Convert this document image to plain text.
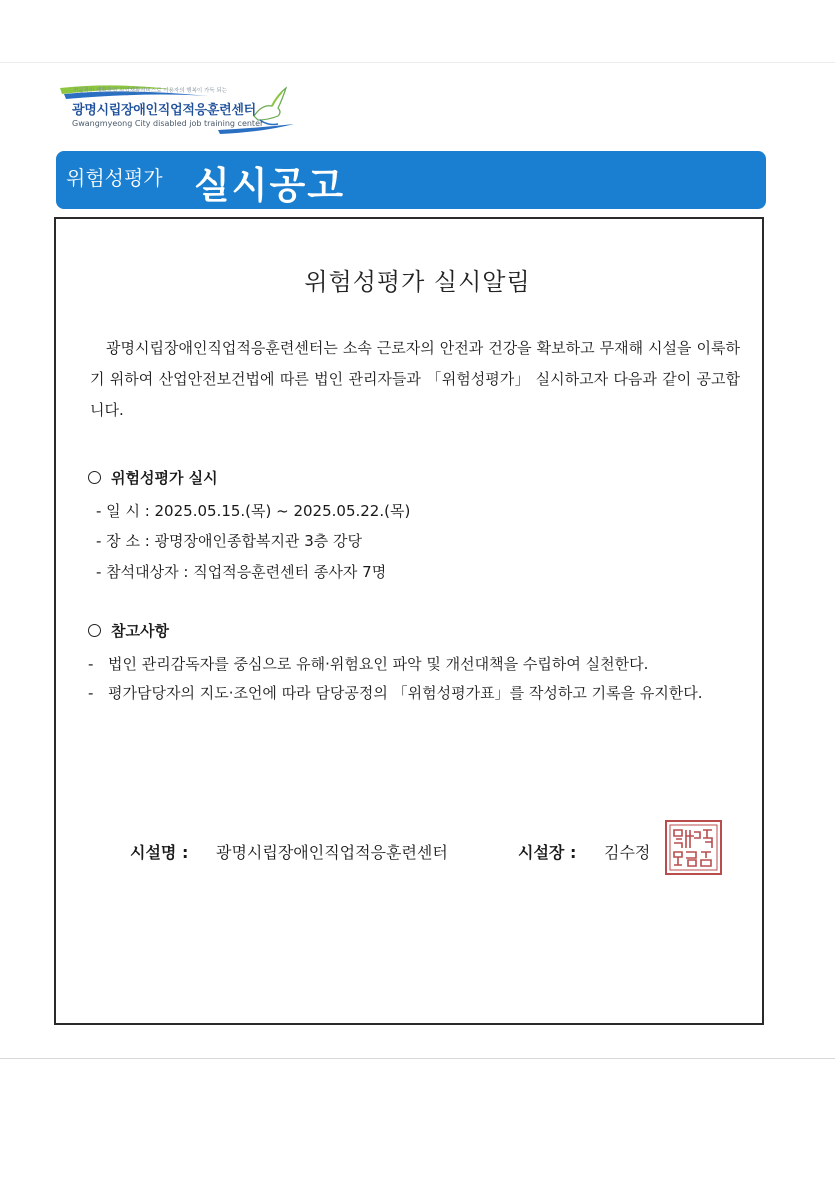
전문적인 재활작업 직업재활서비스로 이용자의 행복이 가득 되는
광명시립장애인직업적응훈련센터
Gwangmyeong City disabled job training center
위험성평가 실시공고
위험성평가 실시알림

광명시립장애인직업적응훈련센터는 소속 근로자의 안전과 건강을 확보하고 무재해 시설을 이룩하기 위하여 산업안전보건법에 따른 법인 관리자들과 「위험성평가」 실시하고자 다음과 같이 공고합니다.

위험성평가 실시
- 일 시 : 2025.05.15.(목) ~ 2025.05.22.(목)
- 장 소 : 광명장애인종합복지관 3층 강당
- 참석대상자 : 직업적응훈련센터 종사자 7명
참고사항
- 법인 관리감독자를 중심으로 유해·위험요인 파악 및 개선대책을 수립하여 실천한다.
- 평가담당자의 지도·조언에 따라 담당공정의 「위험성평가표」를 작성하고 기록을 유지한다.
시설명 : 광명시립장애인직업적응훈련센터	시설장 : 김수정
